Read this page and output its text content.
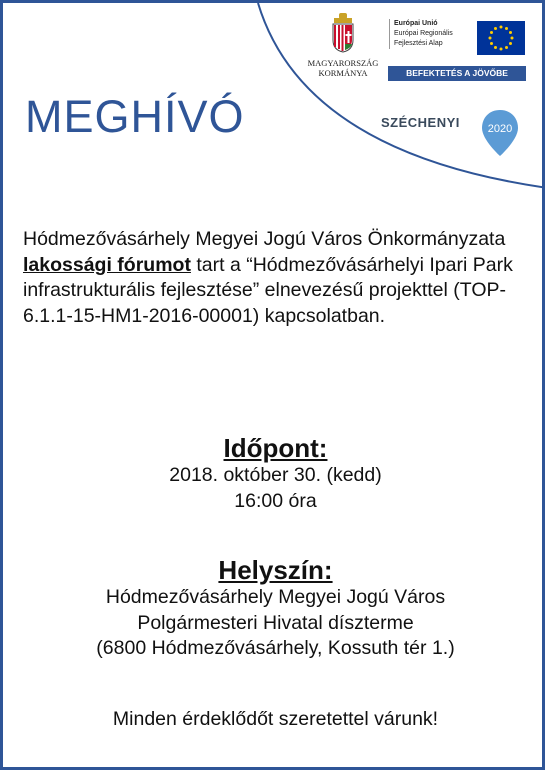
MEGHÍVÓ
MAGYARORSZÁG
KORMÁNYA
Európai Unió
Európai Regionális
Fejlesztési Alap
BEFEKTETÉS A JÖVŐBE
SZÉCHENYI	2020
Hódmezővásárhely Megyei Jogú Város Önkormányzata lakossági fórumot tart a “Hódmezővásárhelyi Ipari Park infrastrukturális fejlesztése” elnevezésű projekttel (TOP-6.1.1-15-HM1-2016-00001) kapcsolatban.
Időpont:
2018. október 30. (kedd)
16:00 óra
Helyszín:
Hódmezővásárhely Megyei Jogú Város
Polgármesteri Hivatal díszterme
(6800 Hódmezővásárhely, Kossuth tér 1.)
Minden érdeklődőt szeretettel várunk!
